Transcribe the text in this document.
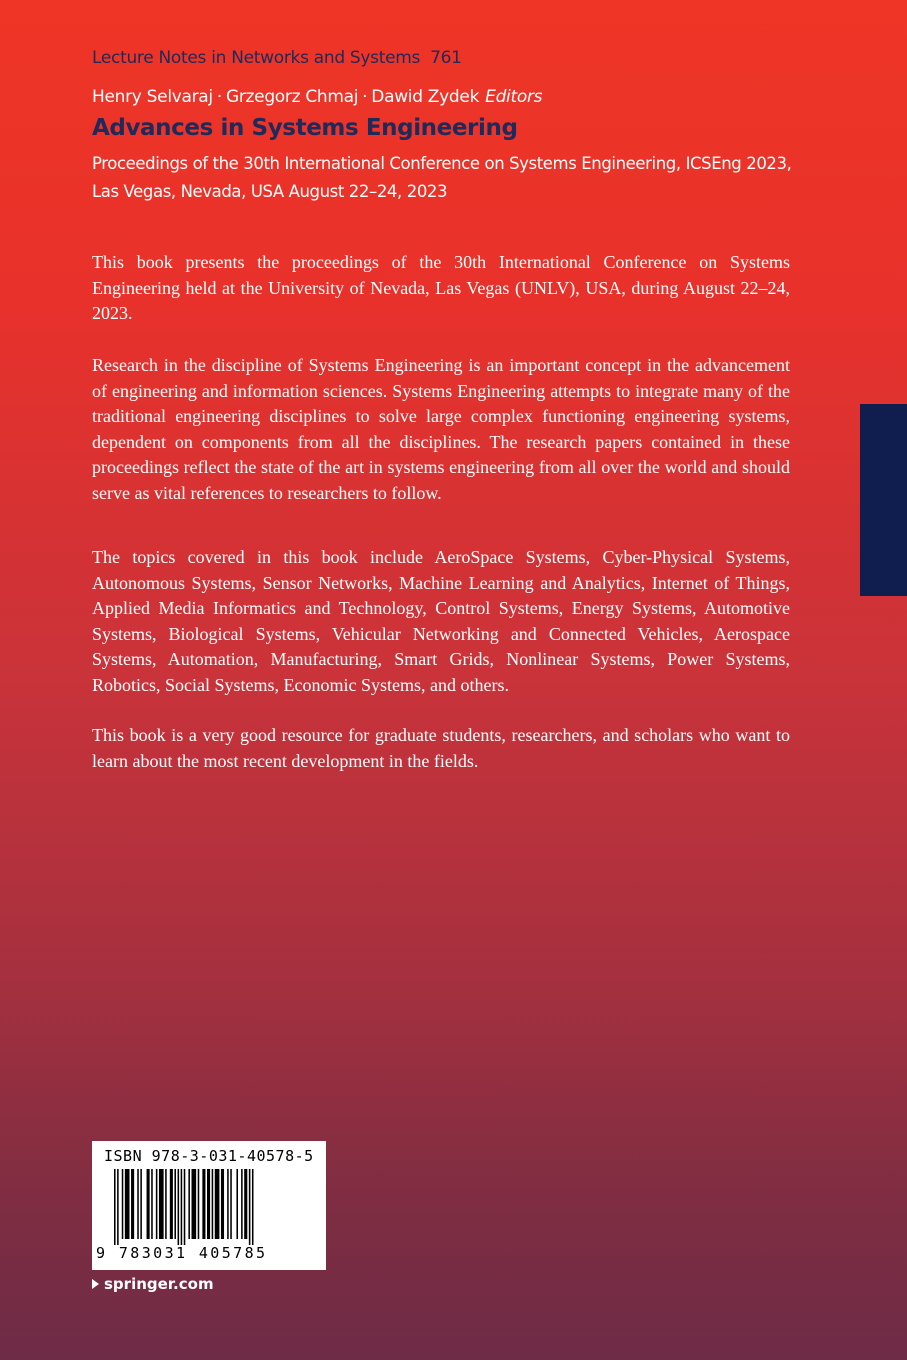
Lecture Notes in Networks and Systems 761
Henry Selvaraj · Grzegorz Chmaj · Dawid Zydek Editors
Advances in Systems Engineering
Proceedings of the 30th International Conference on Systems Engineering, ICSEng 2023, Las Vegas, Nevada, USA August 22–24, 2023

This book presents the proceedings of the 30th International Conference on Systems Engineering held at the University of Nevada, Las Vegas (UNLV), USA, during August 22–24, 2023.

Research in the discipline of Systems Engineering is an important concept in the advancement of engineering and information sciences. Systems Engineering attempts to integrate many of the traditional engineering disciplines to solve large complex functioning engineering systems, dependent on components from all the disciplines. The research papers contained in these proceedings reflect the state of the art in systems engineering from all over the world and should serve as vital references to researchers to follow.

The topics covered in this book include AeroSpace Systems, Cyber-Physical Systems, Autonomous Systems, Sensor Networks, Machine Learning and Analytics, Internet of Things, Applied Media Informatics and Technology, Control Systems, Energy Systems, Automotive Systems, Biological Systems, Vehicular Networking and Connected Vehicles, Aerospace Systems, Automation, Manufacturing, Smart Grids, Nonlinear Systems, Power Systems, Robotics, Social Systems, Economic Systems, and others.

This book is a very good resource for graduate students, researchers, and scholars who want to learn about the most recent development in the fields.

ISBN 978-3-031-40578-5
9 783031 405785
springer.com
